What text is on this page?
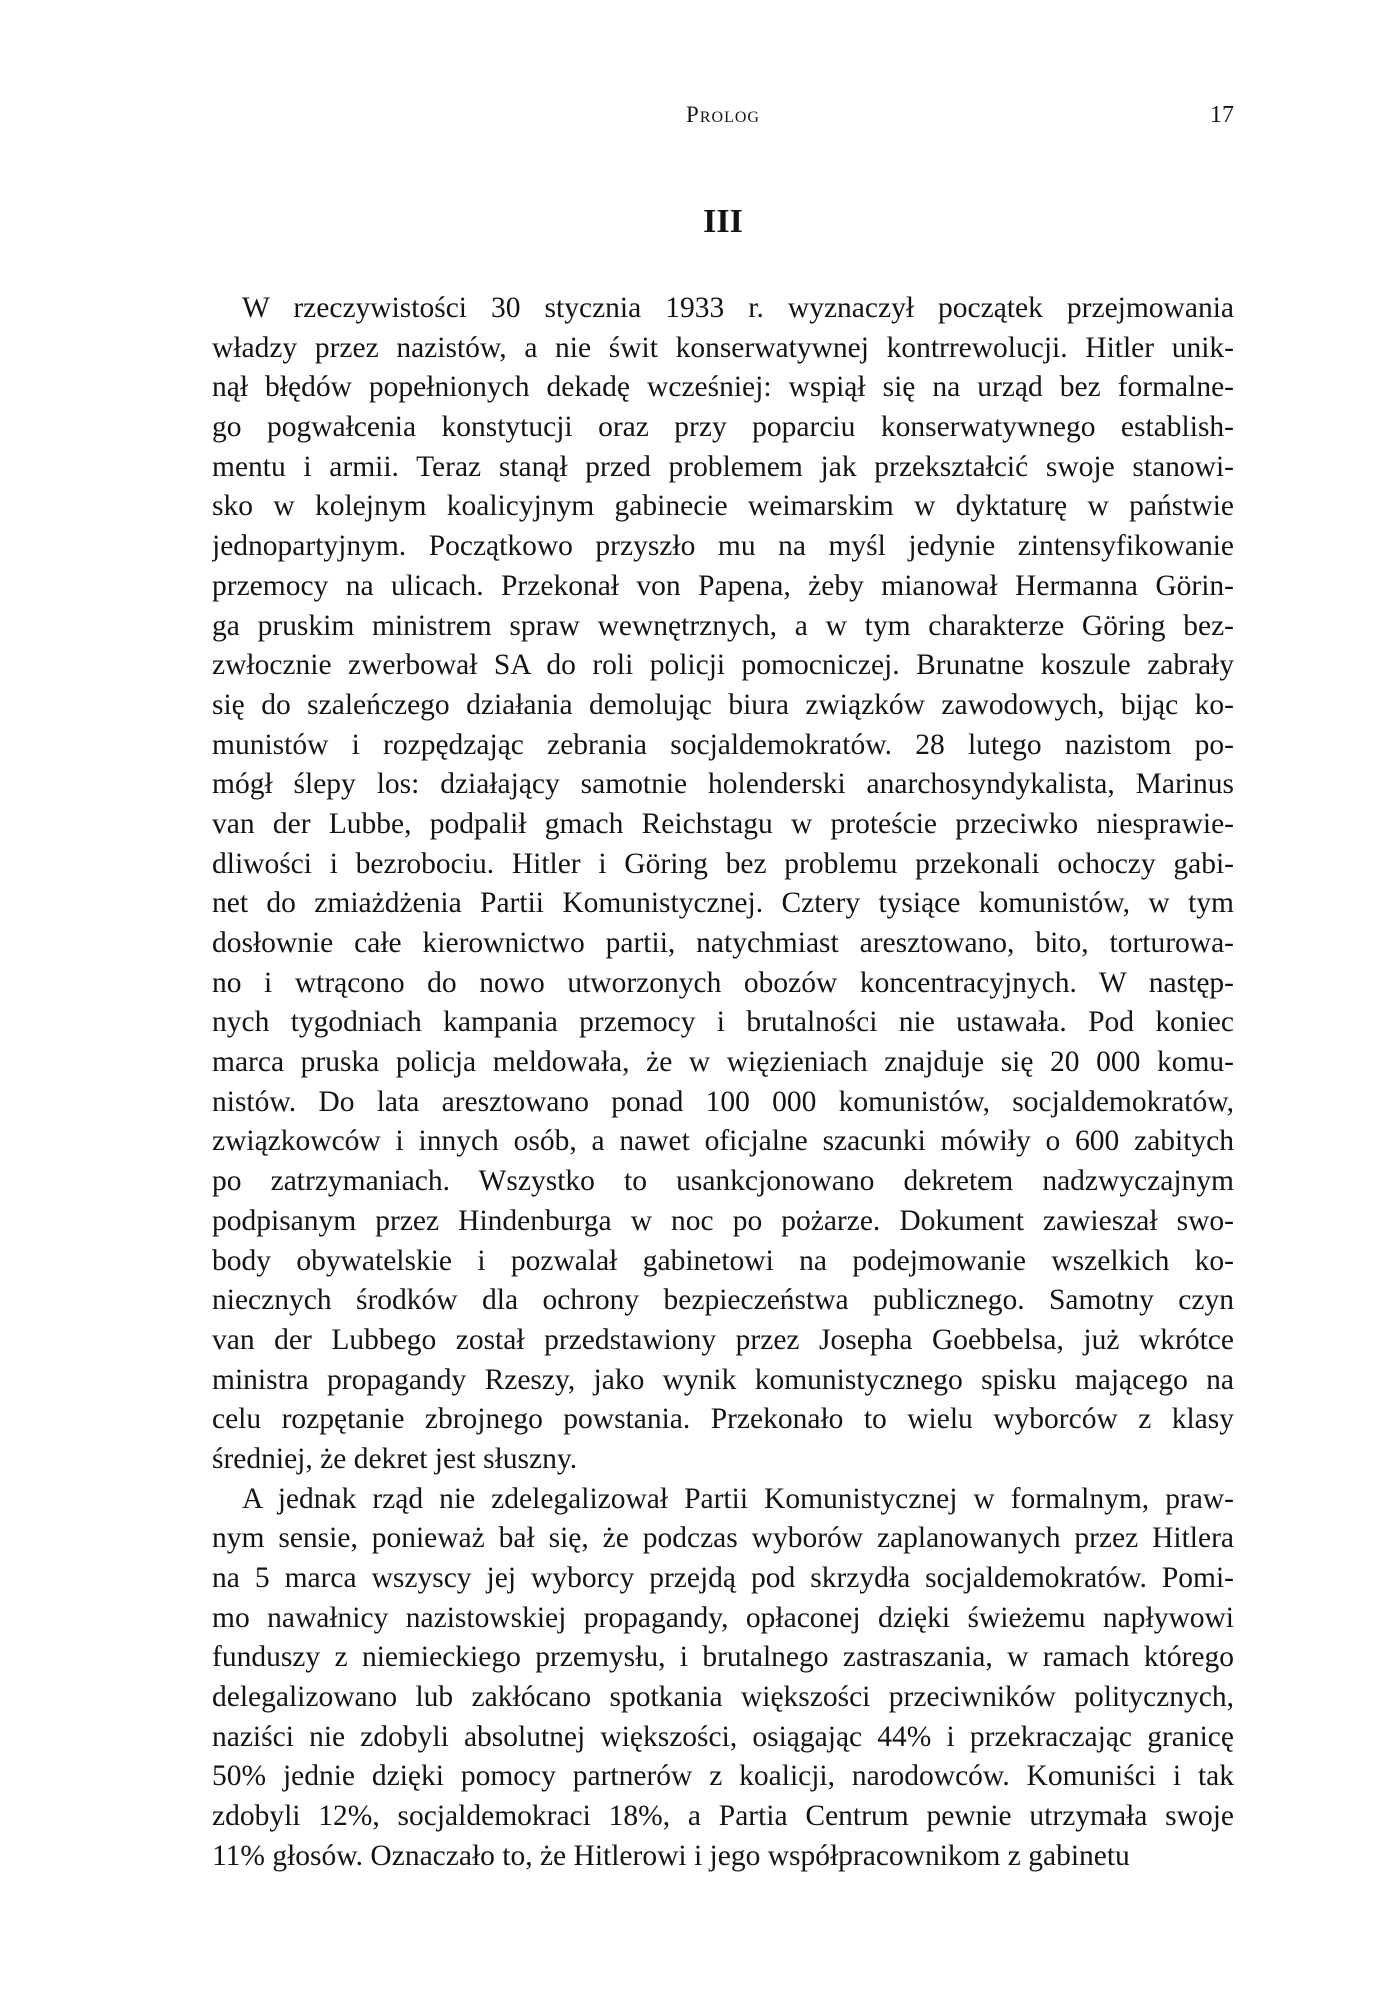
Prolog	17
III
W rzeczywistości 30 stycznia 1933 r. wyznaczył początek przejmowania
władzy przez nazistów, a nie świt konserwatywnej kontrrewolucji. Hitler unik-
nął błędów popełnionych dekadę wcześniej: wspiął się na urząd bez formalne-
go pogwałcenia konstytucji oraz przy poparciu konserwatywnego establish-
mentu i armii. Teraz stanął przed problemem jak przekształcić swoje stanowi-
sko w kolejnym koalicyjnym gabinecie weimarskim w dyktaturę w państwie
jednopartyjnym. Początkowo przyszło mu na myśl jedynie zintensyfikowanie
przemocy na ulicach. Przekonał von Papena, żeby mianował Hermanna Görin-
ga pruskim ministrem spraw wewnętrznych, a w tym charakterze Göring bez-
zwłocznie zwerbował SA do roli policji pomocniczej. Brunatne koszule zabrały
się do szaleńczego działania demolując biura związków zawodowych, bijąc ko-
munistów i rozpędzając zebrania socjaldemokratów. 28 lutego nazistom po-
mógł ślepy los: działający samotnie holenderski anarchosyndykalista, Marinus
van der Lubbe, podpalił gmach Reichstagu w proteście przeciwko niesprawie-
dliwości i bezrobociu. Hitler i Göring bez problemu przekonali ochoczy gabi-
net do zmiażdżenia Partii Komunistycznej. Cztery tysiące komunistów, w tym
dosłownie całe kierownictwo partii, natychmiast aresztowano, bito, torturowa-
no i wtrącono do nowo utworzonych obozów koncentracyjnych. W następ-
nych tygodniach kampania przemocy i brutalności nie ustawała. Pod koniec
marca pruska policja meldowała, że w więzieniach znajduje się 20 000 komu-
nistów. Do lata aresztowano ponad 100 000 komunistów, socjaldemokratów,
związkowców i innych osób, a nawet oficjalne szacunki mówiły o 600 zabitych
po zatrzymaniach. Wszystko to usankcjonowano dekretem nadzwyczajnym
podpisanym przez Hindenburga w noc po pożarze. Dokument zawieszał swo-
body obywatelskie i pozwalał gabinetowi na podejmowanie wszelkich ko-
niecznych środków dla ochrony bezpieczeństwa publicznego. Samotny czyn
van der Lubbego został przedstawiony przez Josepha Goebbelsa, już wkrótce
ministra propagandy Rzeszy, jako wynik komunistycznego spisku mającego na
celu rozpętanie zbrojnego powstania. Przekonało to wielu wyborców z klasy
średniej, że dekret jest słuszny.
A jednak rząd nie zdelegalizował Partii Komunistycznej w formalnym, praw-
nym sensie, ponieważ bał się, że podczas wyborów zaplanowanych przez Hitlera
na 5 marca wszyscy jej wyborcy przejdą pod skrzydła socjaldemokratów. Pomi-
mo nawałnicy nazistowskiej propagandy, opłaconej dzięki świeżemu napływowi
funduszy z niemieckiego przemysłu, i brutalnego zastraszania, w ramach którego
delegalizowano lub zakłócano spotkania większości przeciwników politycznych,
naziści nie zdobyli absolutnej większości, osiągając 44% i przekraczając granicę
50% jednie dzięki pomocy partnerów z koalicji, narodowców. Komuniści i tak
zdobyli 12%, socjaldemokraci 18%, a Partia Centrum pewnie utrzymała swoje
11% głosów. Oznaczało to, że Hitlerowi i jego współpracownikom z gabinetu
